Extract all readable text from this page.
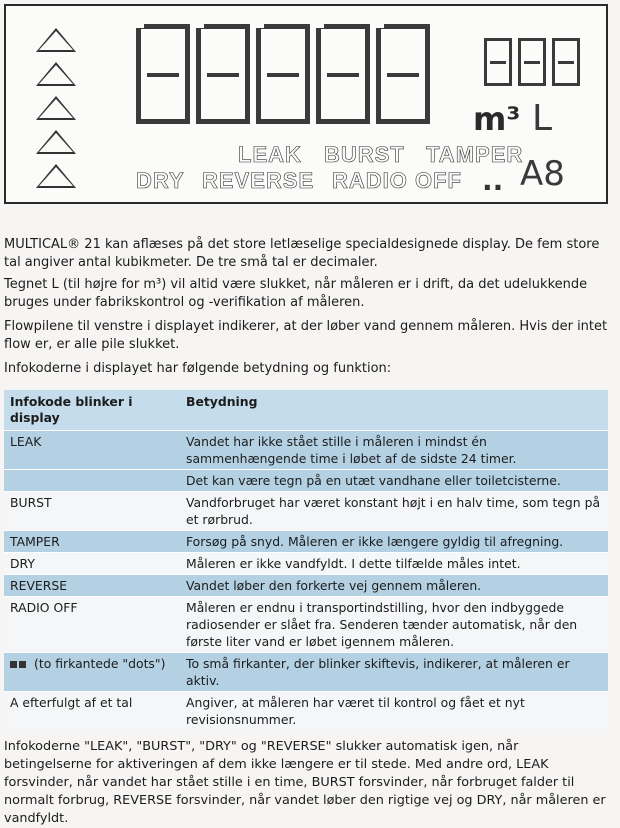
m³ L
LEAK BURST TAMPER
DRY REVERSE RADIO OFF .. A8
MULTICAL® 21 kan aflæses på det store letlæselige specialdesignede display. De fem store tal angiver antal kubikmeter. De tre små tal er decimaler.
Tegnet L (til højre for m³) vil altid være slukket, når måleren er i drift, da det udelukkende bruges under fabrikskontrol og -verifikation af måleren.
Flowpilene til venstre i displayet indikerer, at der løber vand gennem måleren. Hvis der intet flow er, er alle pile slukket.
Infokoderne i displayet har følgende betydning og funktion:
Infokode blinker i display	Betydning
LEAK	Vandet har ikke stået stille i måleren i mindst én sammenhængende time i løbet af de sidste 24 timer.
	Det kan være tegn på en utæt vandhane eller toiletcisterne.
BURST	Vandforbruget har været konstant højt i en halv time, som tegn på et rørbrud.
TAMPER	Forsøg på snyd. Måleren er ikke længere gyldig til afregning.
DRY	Måleren er ikke vandfyldt. I dette tilfælde måles intet.
REVERSE	Vandet løber den forkerte vej gennem måleren.
RADIO OFF	Måleren er endnu i transportindstilling, hvor den indbyggede radiosender er slået fra. Senderen tænder automatisk, når den første liter vand er løbet igennem måleren.
(to firkantede "dots")	To små firkanter, der blinker skiftevis, indikerer, at måleren er aktiv.
A efterfulgt af et tal	Angiver, at måleren har været til kontrol og fået et nyt revisionsnummer.
Infokoderne "LEAK", "BURST", "DRY" og "REVERSE" slukker automatisk igen, når betingelserne for aktiveringen af dem ikke længere er til stede. Med andre ord, LEAK forsvinder, når vandet har stået stille i en time, BURST forsvinder, når forbruget falder til normalt forbrug, REVERSE forsvinder, når vandet løber den rigtige vej og DRY, når måleren er vandfyldt.
